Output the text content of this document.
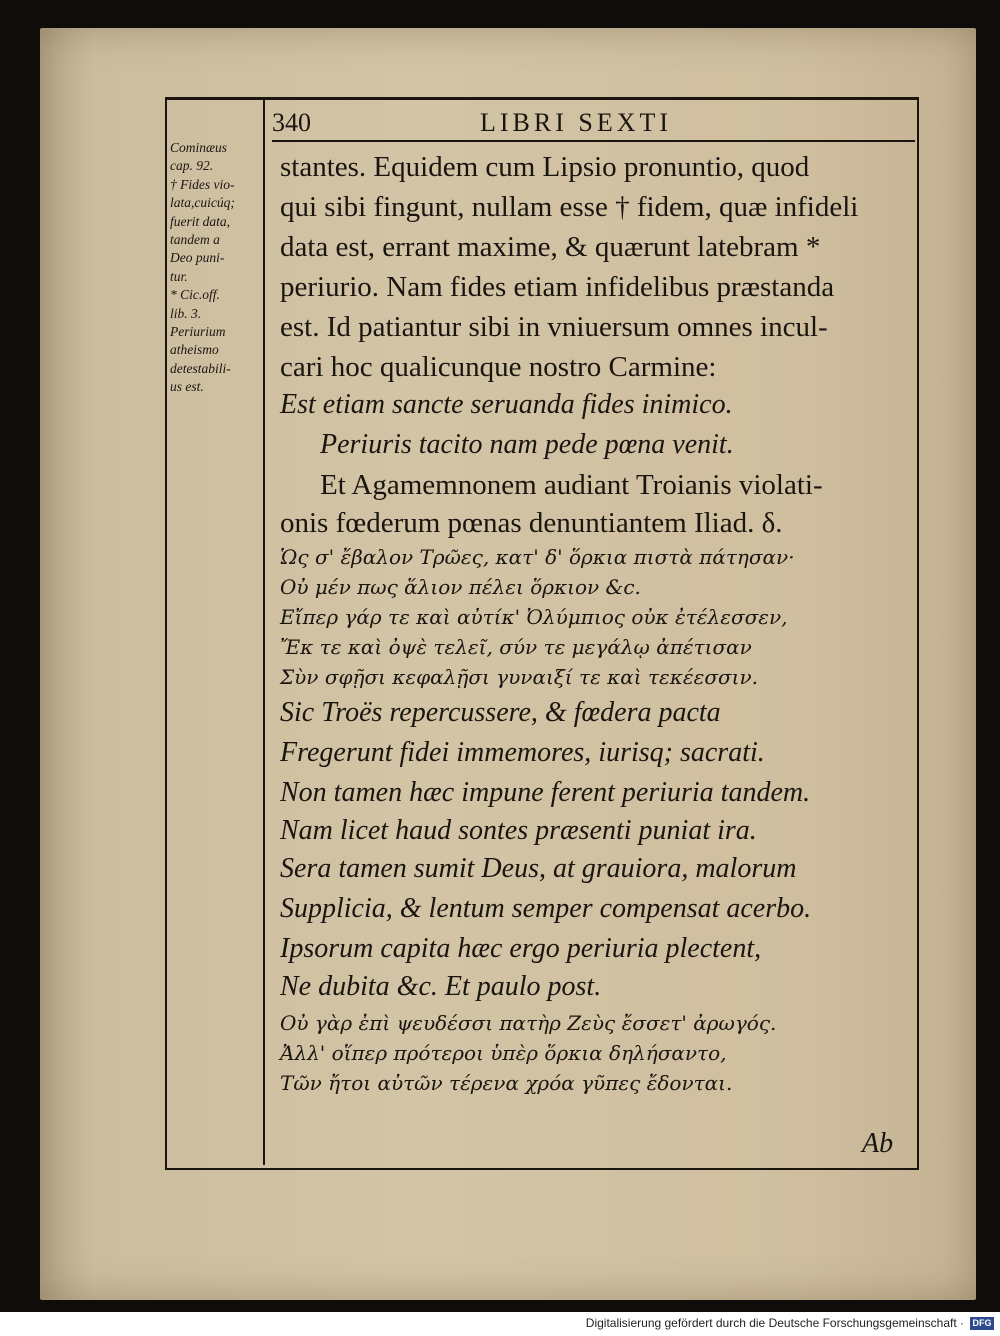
340	LIBRI SEXTI
Cominæus
cap. 92.
† Fides vio-
lata,cuicúq;
fuerit data,
tandem a
Deo puni-
tur.
* Cic.off.
lib. 3.
Periurium
atheismo
detestabili-
us est.
stantes. Equidem cum Lipsio pronuntio, quod
qui sibi fingunt, nullam esse † fidem, quæ infideli
data est, errant maxime, & quærunt latebram *
periurio. Nam fides etiam infidelibus præstanda
est. Id patiantur sibi in vniuersum omnes incul-
cari hoc qualicunque nostro Carmine:
Est etiam sancte seruanda fides inimico.
Periuris tacito nam pede pœna venit.
Et Agamemnonem audiant Troianis violati-
onis fœderum pœnas denuntiantem Iliad. δ.
Ὡς σ' ἔβαλον Τρῶες, κατ' δ' ὅρκια πιστὰ πάτησαν·
Οὐ μέν πως ἅλιον πέλει ὅρκιον &c.
Εἴπερ γάρ τε καὶ αὐτίκ' Ὀλύμπιος οὐκ ἐτέλεσσεν,
Ἔκ τε καὶ ὀψὲ τελεῖ, σύν τε μεγάλῳ ἀπέτισαν
Σὺν σφῇσι κεφαλῇσι γυναιξί τε καὶ τεκέεσσιν.
Sic Troës repercussere, & fœdera pacta
Fregerunt fidei immemores, iurisq; sacrati.
Non tamen hæc impune ferent periuria tandem.
Nam licet haud sontes præsenti puniat ira.
Sera tamen sumit Deus, at grauiora, malorum
Supplicia, & lentum semper compensat acerbo.
Ipsorum capita hæc ergo periuria plectent,
Ne dubita &c. Et paulo post.
Οὐ γὰρ ἐπὶ ψευδέσσι πατὴρ Ζεὺς ἔσσετ' ἀρωγός.
Ἀλλ' οἵπερ πρότεροι ὑπὲρ ὅρκια δηλήσαντο,
Τῶν ἤτοι αὐτῶν τέρενα χρόα γῦπες ἔδονται.
Ab
Digitalisierung gefördert durch die Deutsche Forschungsgemeinschaft · DFG
